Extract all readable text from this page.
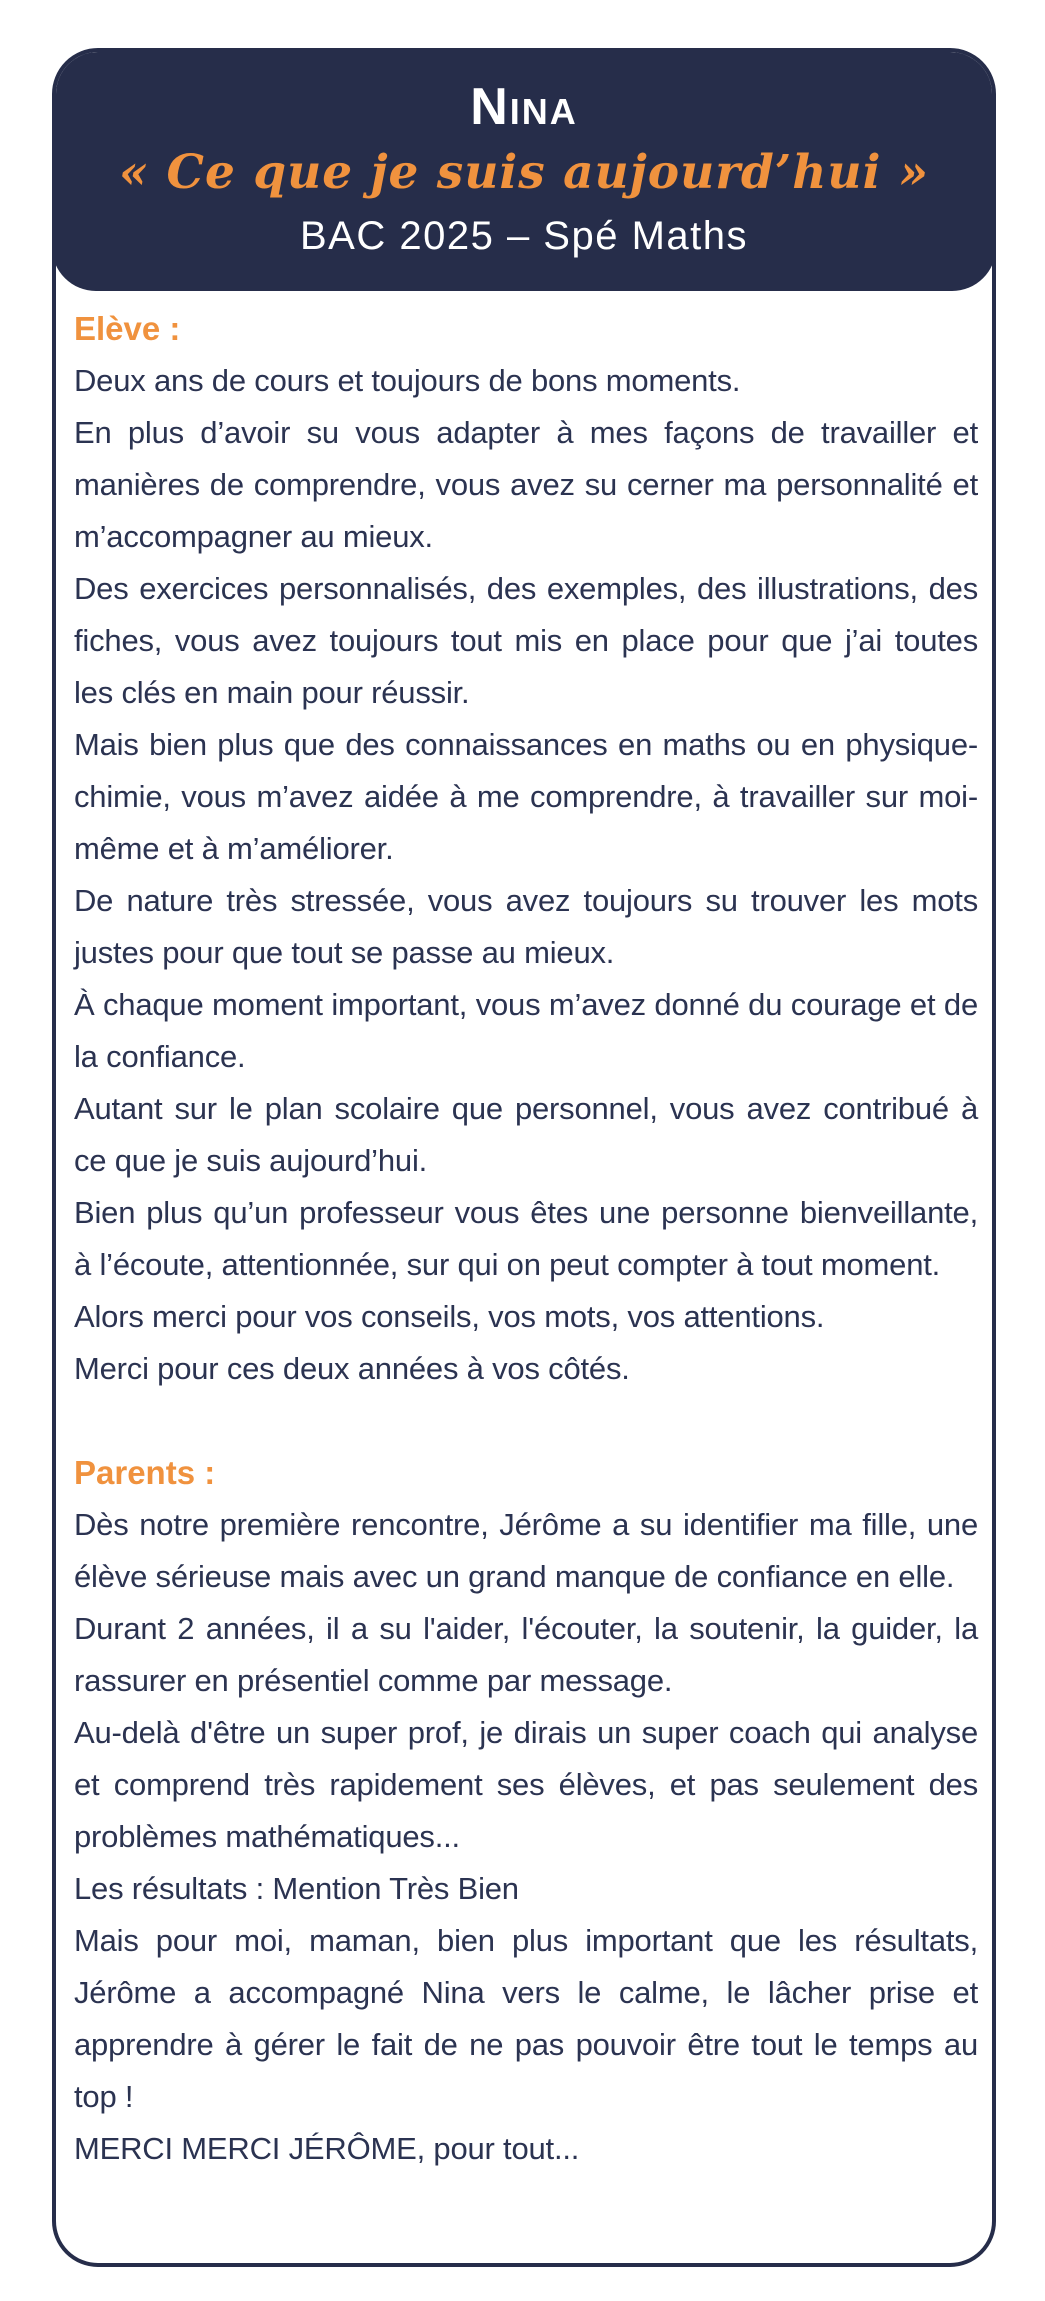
Nina
« Ce que je suis aujourd’hui »
BAC 2025 – Spé Maths
Elève :

Deux ans de cours et toujours de bons moments.

En plus d’avoir su vous adapter à mes façons de travailler et manières de comprendre, vous avez su cerner ma personnalité et m’accompagner au mieux.

Des exercices personnalisés, des exemples, des illustrations, des fiches, vous avez toujours tout mis en place pour que j’ai toutes les clés en main pour réussir.

Mais bien plus que des connaissances en maths ou en physique-chimie, vous m’avez aidée à me comprendre, à travailler sur moi-même et à m’améliorer.

De nature très stressée, vous avez toujours su trouver les mots justes pour que tout se passe au mieux.

À chaque moment important, vous m’avez donné du courage et de la confiance.

Autant sur le plan scolaire que personnel, vous avez contribué à ce que je suis aujourd’hui.

Bien plus qu’un professeur vous êtes une personne bienveillante, à l’écoute, attentionnée, sur qui on peut compter à tout moment.

Alors merci pour vos conseils, vos mots, vos attentions.

Merci pour ces deux années à vos côtés.

Parents :

Dès notre première rencontre, Jérôme a su identifier ma fille, une élève sérieuse mais avec un grand manque de confiance en elle.

Durant 2 années, il a su l'aider, l'écouter, la soutenir, la guider, la rassurer en présentiel comme par message.

Au-delà d'être un super prof, je dirais un super coach qui analyse et comprend très rapidement ses élèves, et pas seulement des problèmes mathématiques...

Les résultats : Mention Très Bien

Mais pour moi, maman, bien plus important que les résultats, Jérôme a accompagné Nina vers le calme, le lâcher prise et apprendre à gérer le fait de ne pas pouvoir être tout le temps au top !

MERCI MERCI JÉRÔME, pour tout...
